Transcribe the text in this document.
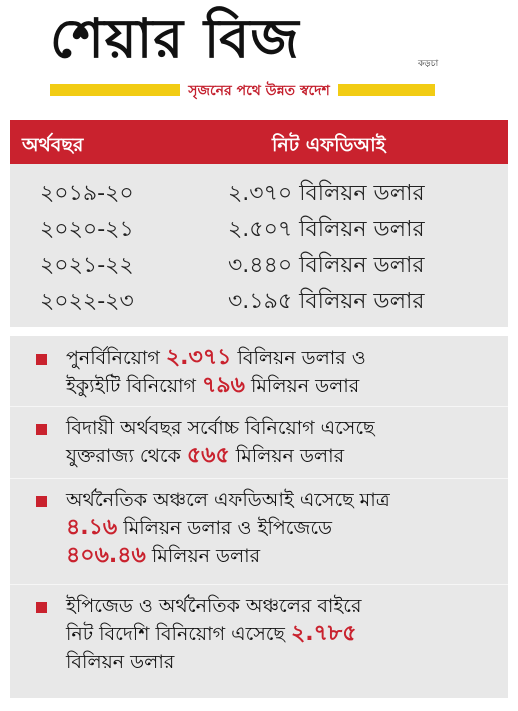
শেয়ার বিজ	কড়চা
সৃজনের পথে উন্নত স্বদেশ
অর্থবছর	নিট এফডিআই
২০১৯-২০	২.৩৭০ বিলিয়ন ডলার
২০২০-২১	২.৫০৭ বিলিয়ন ডলার
২০২১-২২	৩.৪৪০ বিলিয়ন ডলার
২০২২-২৩	৩.১৯৫ বিলিয়ন ডলার
পুনর্বিনিয়োগ ২.৩৭১ বিলিয়ন ডলার ও
ইক্যুইটি বিনিয়োগ ৭৯৬ মিলিয়ন ডলার
বিদায়ী অর্থবছর সর্বোচ্চ বিনিয়োগ এসেছে
যুক্তরাজ্য থেকে ৫৬৫ মিলিয়ন ডলার
অর্থনৈতিক অঞ্চলে এফডিআই এসেছে মাত্র
৪.১৬ মিলিয়ন ডলার ও ইপিজেডে
৪০৬.৪৬ মিলিয়ন ডলার
ইপিজেড ও অর্থনৈতিক অঞ্চলের বাইরে
নিট বিদেশি বিনিয়োগ এসেছে ২.৭৮৫
বিলিয়ন ডলার
